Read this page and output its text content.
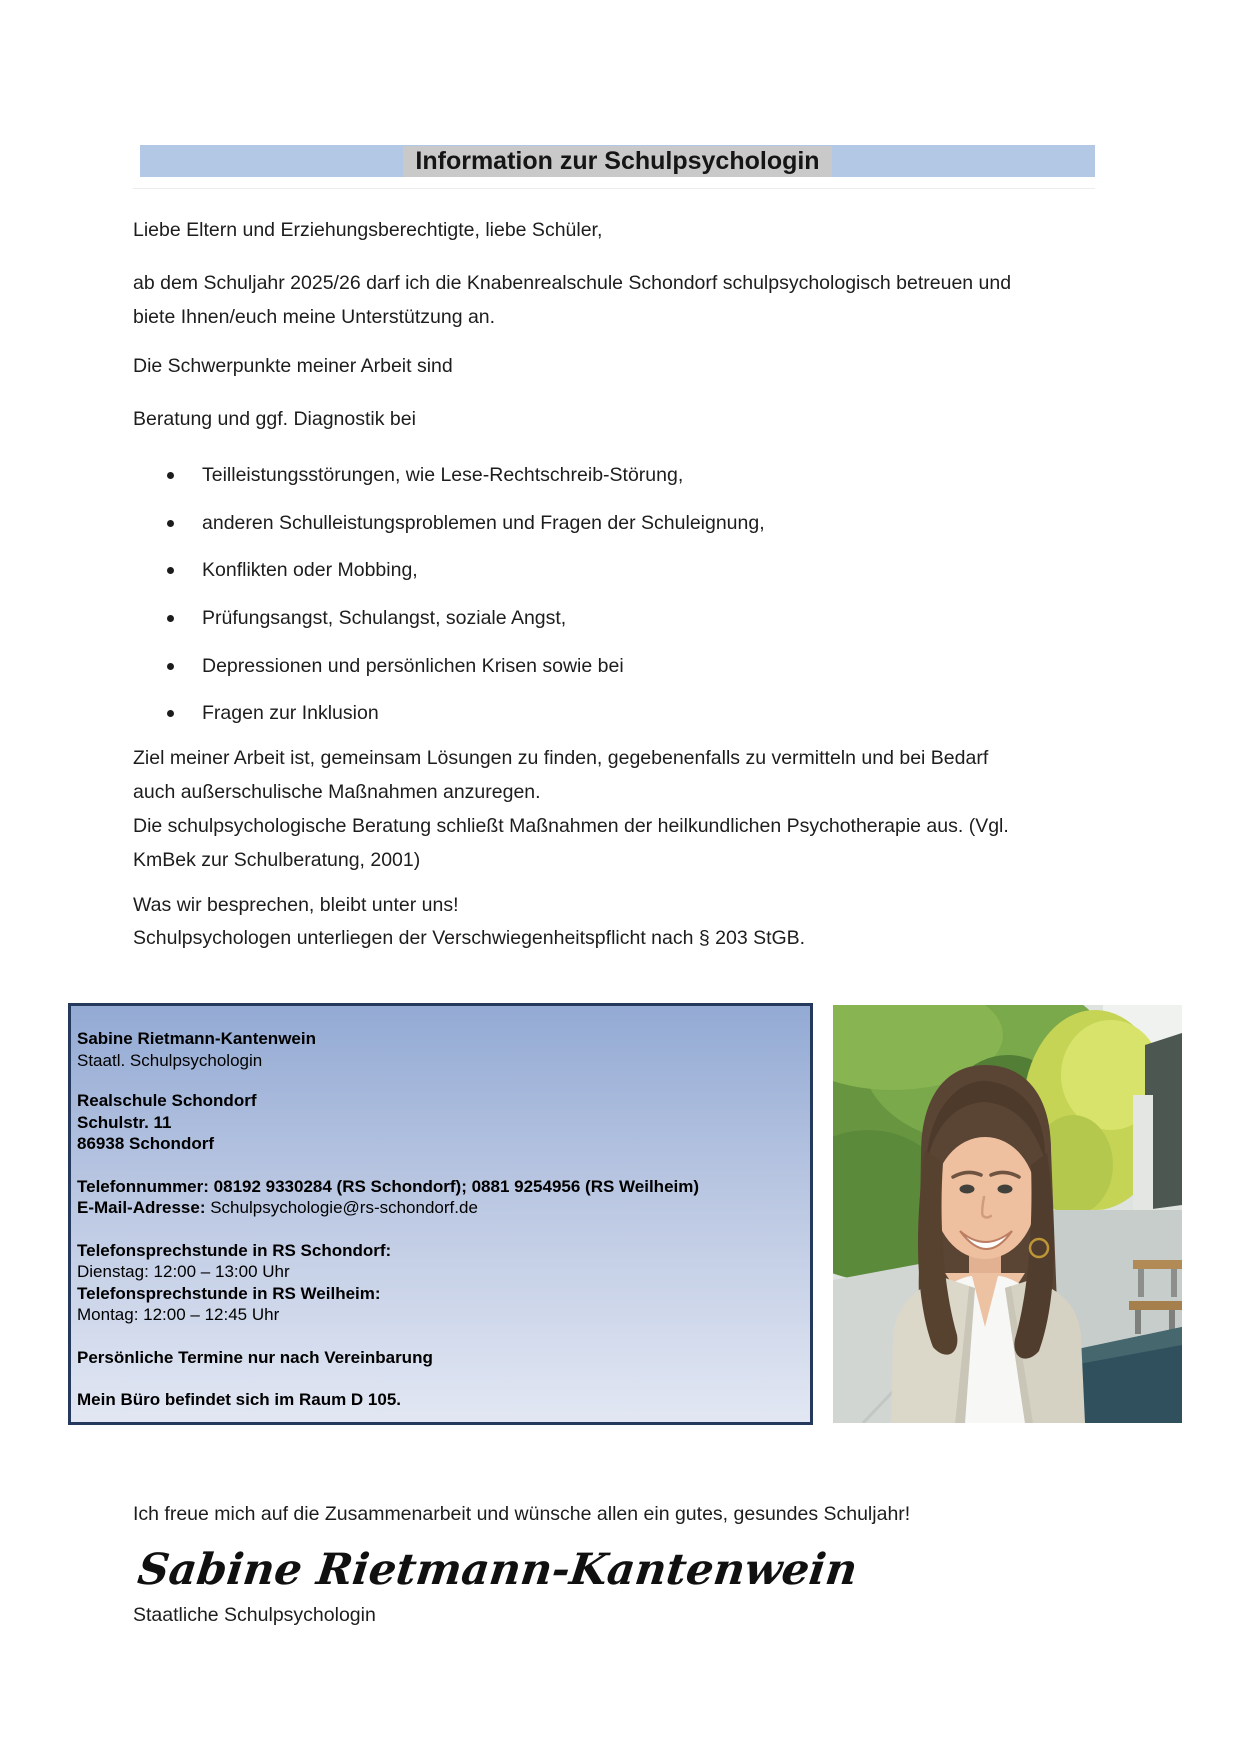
Information zur Schulpsychologin
Liebe Eltern und Erziehungsberechtigte, liebe Schüler,
ab dem Schuljahr 2025/26 darf ich die Knabenrealschule Schondorf schulpsychologisch betreuen und
biete Ihnen/euch meine Unterstützung an.
Die Schwerpunkte meiner Arbeit sind
Beratung und ggf. Diagnostik bei
Teilleistungsstörungen, wie Lese-Rechtschreib-Störung,
anderen Schulleistungsproblemen und Fragen der Schuleignung,
Konflikten oder Mobbing,
Prüfungsangst, Schulangst, soziale Angst,
Depressionen und persönlichen Krisen sowie bei
Fragen zur Inklusion
Ziel meiner Arbeit ist, gemeinsam Lösungen zu finden, gegebenenfalls zu vermitteln und bei Bedarf
auch außerschulische Maßnahmen anzuregen.
Die schulpsychologische Beratung schließt Maßnahmen der heilkundlichen Psychotherapie aus. (Vgl.
KmBek zur Schulberatung, 2001)
Was wir besprechen, bleibt unter uns!
Schulpsychologen unterliegen der Verschwiegenheitspflicht nach § 203 StGB.
Sabine Rietmann-Kantenwein
Staatl. Schulpsychologin
Realschule Schondorf
Schulstr. 11
86938 Schondorf
Telefonnummer: 08192 9330284 (RS Schondorf); 0881 9254956 (RS Weilheim)
E-Mail-Adresse: Schulpsychologie@rs-schondorf.de
Telefonsprechstunde in RS Schondorf:
Dienstag: 12:00 – 13:00 Uhr
Telefonsprechstunde in RS Weilheim:
Montag: 12:00 – 12:45 Uhr
Persönliche Termine nur nach Vereinbarung
Mein Büro befindet sich im Raum D 105.
Ich freue mich auf die Zusammenarbeit und wünsche allen ein gutes, gesundes Schuljahr!
Sabine Rietmann-Kantenwein
Staatliche Schulpsychologin
